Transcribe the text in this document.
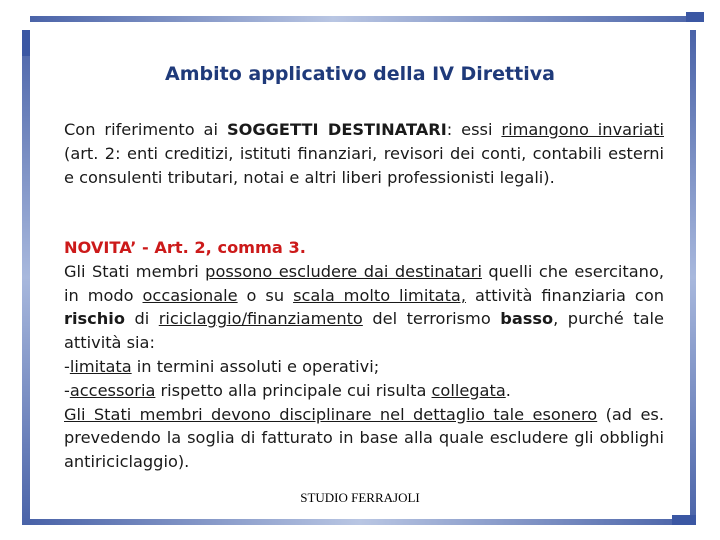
Ambito applicativo della IV Direttiva
Con riferimento ai SOGGETTI DESTINATARI: essi rimangono invariati (art. 2: enti creditizi, istituti finanziari, revisori dei conti, contabili esterni e consulenti tributari, notai e altri liberi professionisti legali).
NOVITA’ - Art. 2, comma 3.
Gli Stati membri possono escludere dai destinatari quelli che esercitano, in modo occasionale o su scala molto limitata, attività finanziaria con rischio di riciclaggio/finanziamento del terrorismo basso, purché tale attività sia:
-limitata in termini assoluti e operativi;
-accessoria rispetto alla principale cui risulta collegata.
Gli Stati membri devono disciplinare nel dettaglio tale esonero (ad es. prevedendo la soglia di fatturato in base alla quale escludere gli obblighi antiriciclaggio).
STUDIO FERRAJOLI
